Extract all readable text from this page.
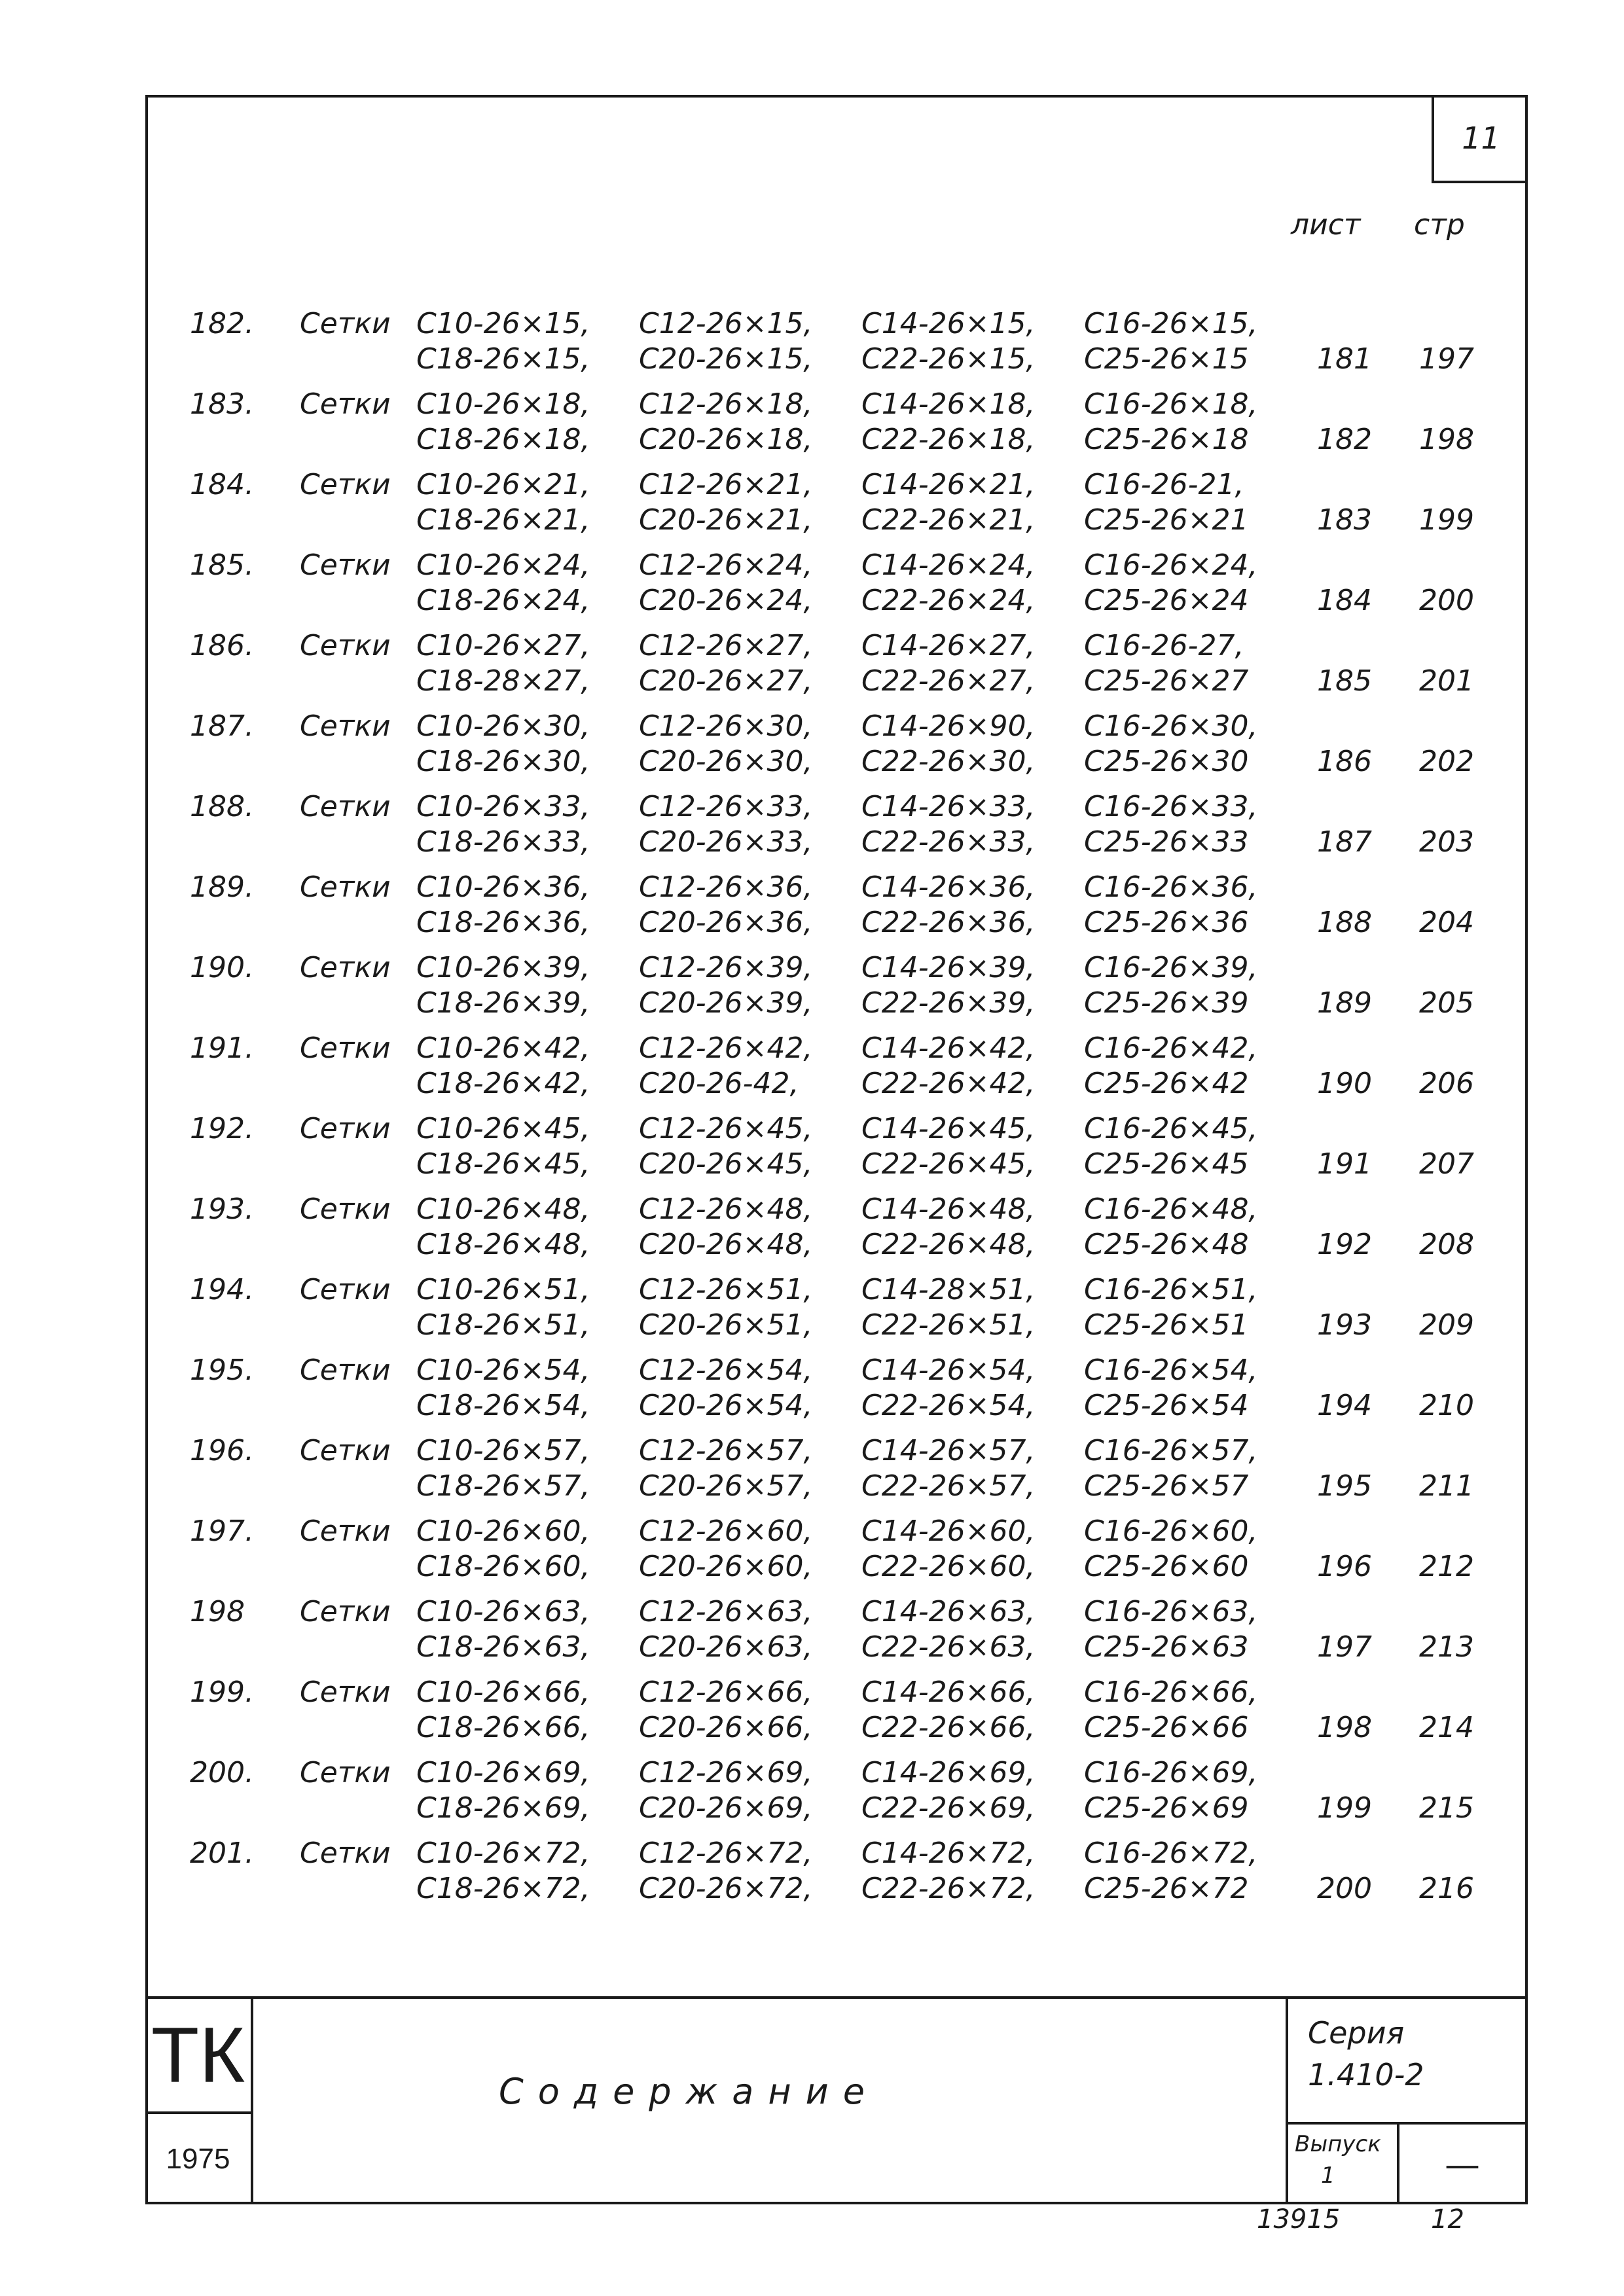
11
лист стр
182. Сетки С10-26×15, С12-26×15, С14-26×15, С16-26×15,
С18-26×15, С20-26×15, С22-26×15, С25-26×15 181 197
183. Сетки С10-26×18, С12-26×18, С14-26×18, С16-26×18,
С18-26×18, С20-26×18, С22-26×18, С25-26×18 182 198
184. Сетки С10-26×21, С12-26×21, С14-26×21, С16-26-21,
С18-26×21, С20-26×21, С22-26×21, С25-26×21 183 199
185. Сетки С10-26×24, С12-26×24, С14-26×24, С16-26×24,
С18-26×24, С20-26×24, С22-26×24, С25-26×24 184 200
186. Сетки С10-26×27, С12-26×27, С14-26×27, С16-26-27,
С18-28×27, С20-26×27, С22-26×27, С25-26×27 185 201
187. Сетки С10-26×30, С12-26×30, С14-26×90, С16-26×30,
С18-26×30, С20-26×30, С22-26×30, С25-26×30 186 202
188. Сетки С10-26×33, С12-26×33, С14-26×33, С16-26×33,
С18-26×33, С20-26×33, С22-26×33, С25-26×33 187 203
189. Сетки С10-26×36, С12-26×36, С14-26×36, С16-26×36,
С18-26×36, С20-26×36, С22-26×36, С25-26×36 188 204
190. Сетки С10-26×39, С12-26×39, С14-26×39, С16-26×39,
С18-26×39, С20-26×39, С22-26×39, С25-26×39 189 205
191. Сетки С10-26×42, С12-26×42, С14-26×42, С16-26×42,
С18-26×42, С20-26-42, С22-26×42, С25-26×42 190 206
192. Сетки С10-26×45, С12-26×45, С14-26×45, С16-26×45,
С18-26×45, С20-26×45, С22-26×45, С25-26×45 191 207
193. Сетки С10-26×48, С12-26×48, С14-26×48, С16-26×48,
С18-26×48, С20-26×48, С22-26×48, С25-26×48 192 208
194. Сетки С10-26×51, С12-26×51, С14-28×51, С16-26×51,
С18-26×51, С20-26×51, С22-26×51, С25-26×51 193 209
195. Сетки С10-26×54, С12-26×54, С14-26×54, С16-26×54,
С18-26×54, С20-26×54, С22-26×54, С25-26×54 194 210
196. Сетки С10-26×57, С12-26×57, С14-26×57, С16-26×57,
С18-26×57, С20-26×57, С22-26×57, С25-26×57 195 211
197. Сетки С10-26×60, С12-26×60, С14-26×60, С16-26×60,
С18-26×60, С20-26×60, С22-26×60, С25-26×60 196 212
198 Сетки С10-26×63, С12-26×63, С14-26×63, С16-26×63,
С18-26×63, С20-26×63, С22-26×63, С25-26×63 197 213
199. Сетки С10-26×66, С12-26×66, С14-26×66, С16-26×66,
С18-26×66, С20-26×66, С22-26×66, С25-26×66 198 214
200. Сетки С10-26×69, С12-26×69, С14-26×69, С16-26×69,
С18-26×69, С20-26×69, С22-26×69, С25-26×69 199 215
201. Сетки С10-26×72, С12-26×72, С14-26×72, С16-26×72,
С18-26×72, С20-26×72, С22-26×72, С25-26×72 200 216
ТК
1975
Содержание
Серия
1.410-2
Выпуск
1	—
13915	12
